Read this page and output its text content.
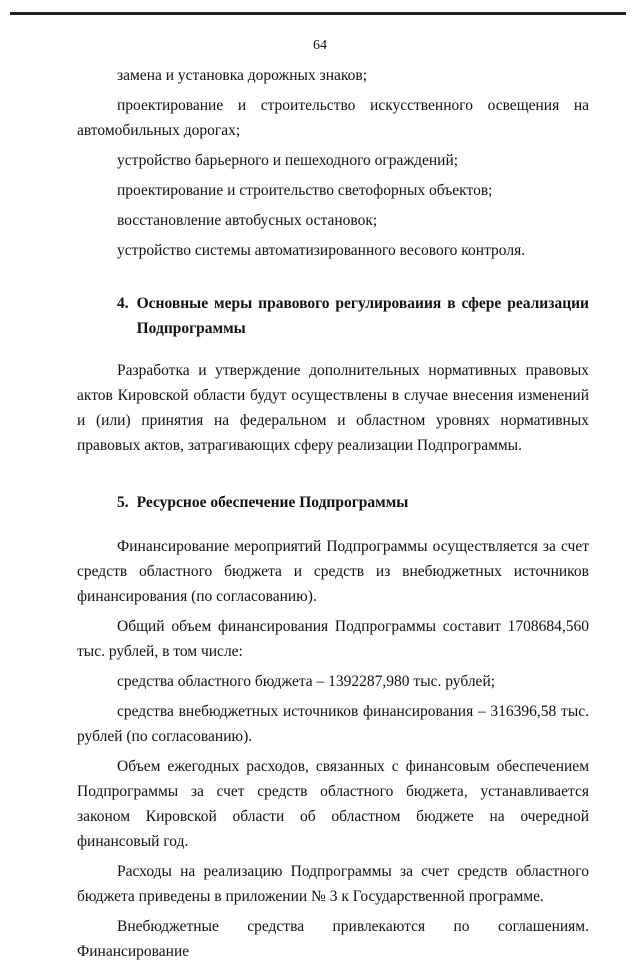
64

замена и установка дорожных знаков;

проектирование и строительство искусственного освещения на автомобильных дорогах;

устройство барьерного и пешеходного ограждений;

проектирование и строительство светофорных объектов;

восстановление автобусных остановок;

устройство системы автоматизированного весового контроля.

4. Основные меры правового регулироваиия в сфере реализации Подпрограммы

Разработка и утверждение дополнительных нормативных правовых актов Кировской области будут осуществлены в случае внесения изменений и (или) принятия на федеральном и областном уровнях нормативных правовых актов, затрагивающих сферу реализации Подпрограммы.

5. Ресурсное обеспечение Подпрограммы

Финансирование мероприятий Подпрограммы осуществляется за счет средств областного бюджета и средств из внебюджетных источников финансирования (по согласованию).

Общий объем финансирования Подпрограммы составит 1708684,560 тыс. рублей, в том числе:

средства областного бюджета – 1392287,980 тыс. рублей;

средства внебюджетных источников финансирования – 316396,58 тыс. рублей (по согласованию).

Объем ежегодных расходов, связанных с финансовым обеспечением Подпрограммы за счет средств областного бюджета, устанавливается законом Кировской области об областном бюджете на очередной финансовый год.

Расходы на реализацию Подпрограммы за счет средств областного бюджета приведены в приложении № 3 к Государственной программе.

Внебюджетные средства привлекаются по соглашениям. Финансирование
